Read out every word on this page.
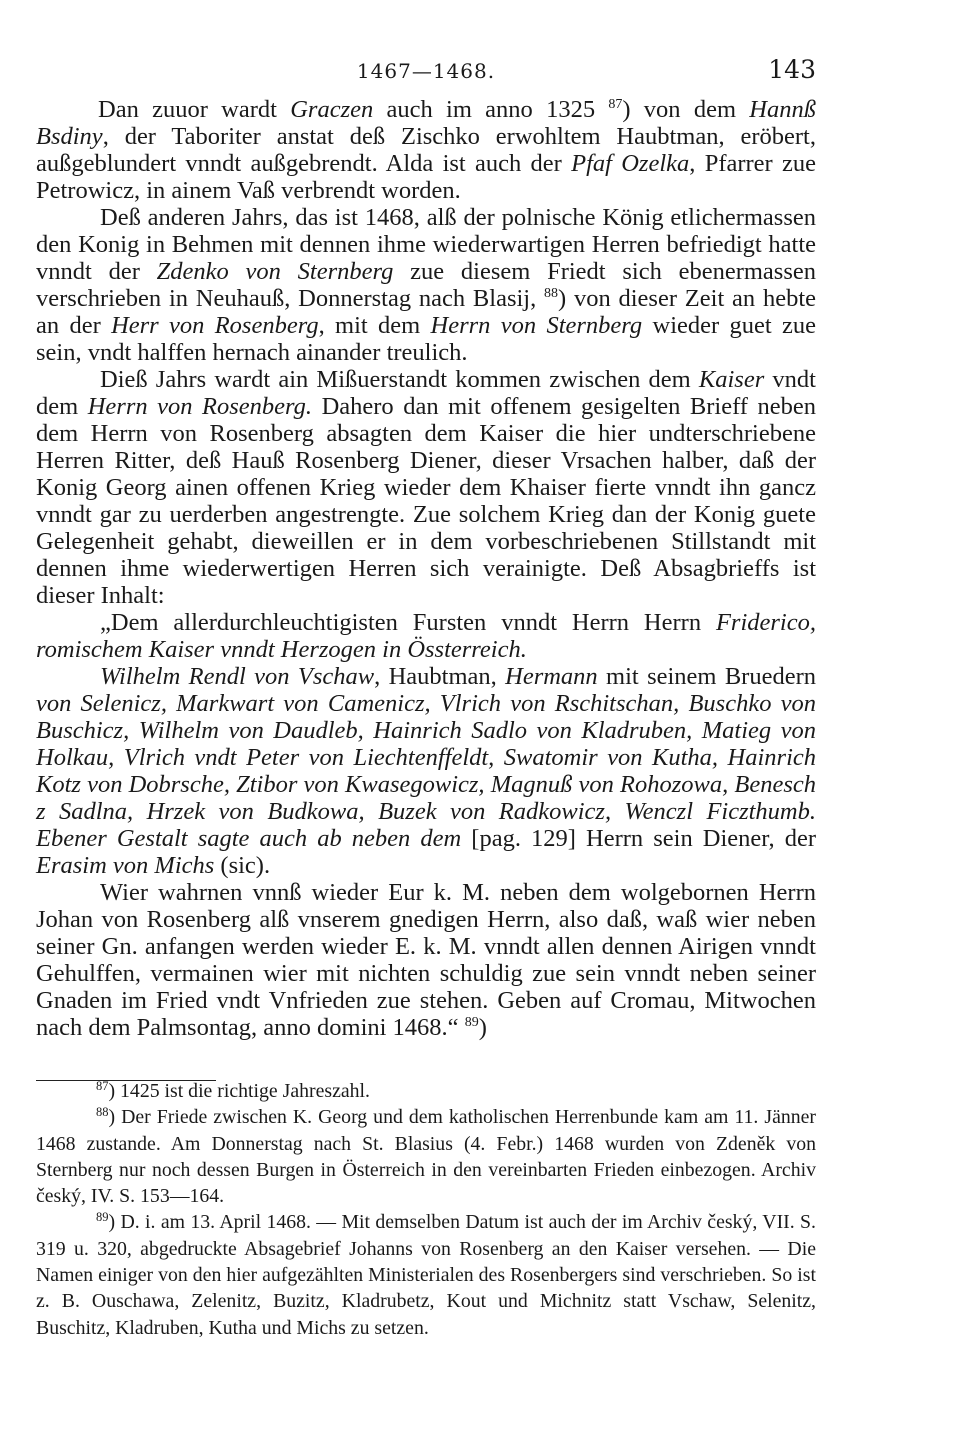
1467—1468.	143

Dan zuuor wardt Graczen auch im anno 1325 $^{87}$) von dem Hannß Bsdiny, der Taboriter anstat deß Zischko erwohltem Haubtman, eröbert, außgeblundert vnndt außgebrendt. Alda ist auch der Pfaf Ozelka, Pfarrer zue Petrowicz, in ainem Vaß verbrendt worden.

Deß anderen Jahrs, das ist 1468, alß der polnische König etlichermassen den Konig in Behmen mit dennen ihme wiederwartigen Herren befriedigt hatte vnndt der Zdenko von Sternberg zue diesem Friedt sich ebenermassen verschrieben in Neuhauß, Donnerstag nach Blasij, $^{88}$) von dieser Zeit an hebte an der Herr von Rosenberg, mit dem Herrn von Sternberg wieder guet zue sein, vndt halffen hernach ainander treulich.

Dieß Jahrs wardt ain Mißuerstandt kommen zwischen dem Kaiser vndt dem Herrn von Rosenberg. Dahero dan mit offenem gesigelten Brieff neben dem Herrn von Rosenberg absagten dem Kaiser die hier undterschriebene Herren Ritter, deß Hauß Rosenberg Diener, dieser Vrsachen halber, daß der Konig Georg ainen offenen Krieg wieder dem Khaiser fierte vnndt ihn gancz vnndt gar zu uerderben angestrengte. Zue solchem Krieg dan der Konig guete Gelegenheit gehabt, dieweillen er in dem vorbeschriebenen Stillstandt mit dennen ihme wiederwertigen Herren sich verainigte. Deß Absagbrieffs ist dieser Inhalt:

„Dem allerdurchleuchtigisten Fursten vnndt Herrn Herrn Friderico, romischem Kaiser vnndt Herzogen in Össterreich.

Wilhelm Rendl von Vschaw, Haubtman, Hermann mit seinem Bruedern von Selenicz, Markwart von Camenicz, Vlrich von Rschitschan, Buschko von Buschicz, Wilhelm von Daudleb, Hainrich Sadlo von Kladruben, Matieg von Holkau, Vlrich vndt Peter von Liechtenffeldt, Swatomir von Kutha, Hainrich Kotz von Dobrsche, Ztibor von Kwasegowicz, Magnuß von Rohozowa, Benesch z Sadlna, Hrzek von Budkowa, Buzek von Radkowicz, Wenczl Ficzthumb. Ebener Gestalt sagte auch ab neben dem [pag. 129] Herrn sein Diener, der Erasim von Michs (sic).

Wier wahrnen vnnß wieder Eur k. M. neben dem wolgebornen Herrn Johan von Rosenberg alß vnserem gnedigen Herrn, also daß, waß wier neben seiner Gn. anfangen werden wieder E. k. M. vnndt allen dennen Airigen vnndt Gehulffen, vermainen wier mit nichten schuldig zue sein vnndt neben seiner Gnaden im Fried vndt Vnfrieden zue stehen. Geben auf Cromau, Mitwochen nach dem Palmsontag, anno domini 1468.“ $^{89}$)

$^{87}$) 1425 ist die richtige Jahreszahl.

$^{88}$) Der Friede zwischen K. Georg und dem katholischen Herrenbunde kam am 11. Jänner 1468 zustande. Am Donnerstag nach St. Blasius (4. Febr.) 1468 wurden von Zdeněk von Sternberg nur noch dessen Burgen in Österreich in den vereinbarten Frieden einbezogen. Archiv český, IV. S. 153—164.

$^{89}$) D. i. am 13. April 1468. — Mit demselben Datum ist auch der im Archiv český, VII. S. 319 u. 320, abgedruckte Absagebrief Johanns von Rosenberg an den Kaiser versehen. — Die Namen einiger von den hier aufgezählten Ministerialen des Rosenbergers sind verschrieben. So ist z. B. Ouschawa, Zelenitz, Buzitz, Kladrubetz, Kout und Michnitz statt Vschaw, Selenitz, Buschitz, Kladruben, Kutha und Michs zu setzen.
